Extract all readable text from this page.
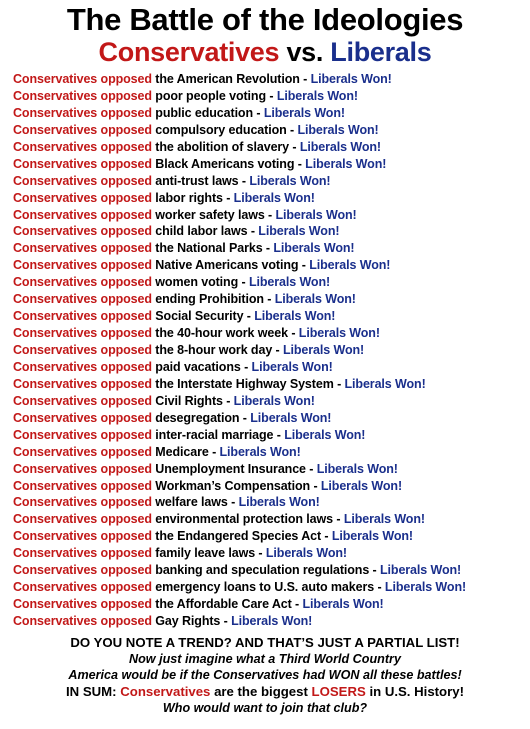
The Battle of the Ideologies
Conservatives vs. Liberals
Conservatives opposed the American Revolution - Liberals Won!
Conservatives opposed poor people voting - Liberals Won!
Conservatives opposed public education - Liberals Won!
Conservatives opposed compulsory education - Liberals Won!
Conservatives opposed the abolition of slavery - Liberals Won!
Conservatives opposed Black Americans voting - Liberals Won!
Conservatives opposed anti-trust laws - Liberals Won!
Conservatives opposed labor rights - Liberals Won!
Conservatives opposed worker safety laws - Liberals Won!
Conservatives opposed child labor laws - Liberals Won!
Conservatives opposed the National Parks - Liberals Won!
Conservatives opposed Native Americans voting - Liberals Won!
Conservatives opposed women voting - Liberals Won!
Conservatives opposed ending Prohibition - Liberals Won!
Conservatives opposed Social Security - Liberals Won!
Conservatives opposed the 40-hour work week - Liberals Won!
Conservatives opposed the 8-hour work day - Liberals Won!
Conservatives opposed paid vacations - Liberals Won!
Conservatives opposed the Interstate Highway System - Liberals Won!
Conservatives opposed Civil Rights - Liberals Won!
Conservatives opposed desegregation - Liberals Won!
Conservatives opposed inter-racial marriage - Liberals Won!
Conservatives opposed Medicare - Liberals Won!
Conservatives opposed Unemployment Insurance - Liberals Won!
Conservatives opposed Workman’s Compensation - Liberals Won!
Conservatives opposed welfare laws - Liberals Won!
Conservatives opposed environmental protection laws - Liberals Won!
Conservatives opposed the Endangered Species Act - Liberals Won!
Conservatives opposed family leave laws - Liberals Won!
Conservatives opposed banking and speculation regulations - Liberals Won!
Conservatives opposed emergency loans to U.S. auto makers - Liberals Won!
Conservatives opposed the Affordable Care Act - Liberals Won!
Conservatives opposed Gay Rights - Liberals Won!
DO YOU NOTE A TREND? AND THAT’S JUST A PARTIAL LIST!
Now just imagine what a Third World Country
America would be if the Conservatives had WON all these battles!
IN SUM: Conservatives are the biggest LOSERS in U.S. History!
Who would want to join that club?
